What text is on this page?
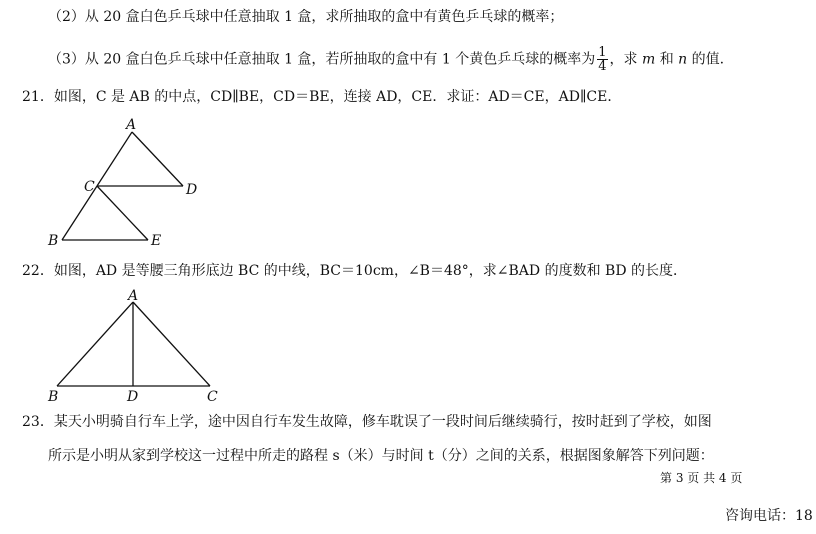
（2）从 20 盒白色乒乓球中任意抽取 1 盒，求所抽取的盒中有黄色乒乓球的概率；
（3）从 20 盒白色乒乓球中任意抽取 1 盒，若所抽取的盒中有 1 个黄色乒乓球的概率为 $\frac{1}{4}$ ，求 m 和 n 的值.
21．如图，C 是 AB 的中点，CD∥BE，CD＝BE，连接 AD，CE．求证：AD＝CE，AD∥CE．
A
C	D
B	E
22．如图，AD 是等腰三角形底边 BC 的中线，BC＝10cm，∠B＝48°，求∠BAD 的度数和 BD 的长度．
A
B	D	C
23．某天小明骑自行车上学，途中因自行车发生故障，修车耽误了一段时间后继续骑行，按时赶到了学校，如图
所示是小明从家到学校这一过程中所走的路程 s（米）与时间 t（分）之间的关系，根据图象解答下列问题：
第 3 页 共 4 页
咨询电话：18
